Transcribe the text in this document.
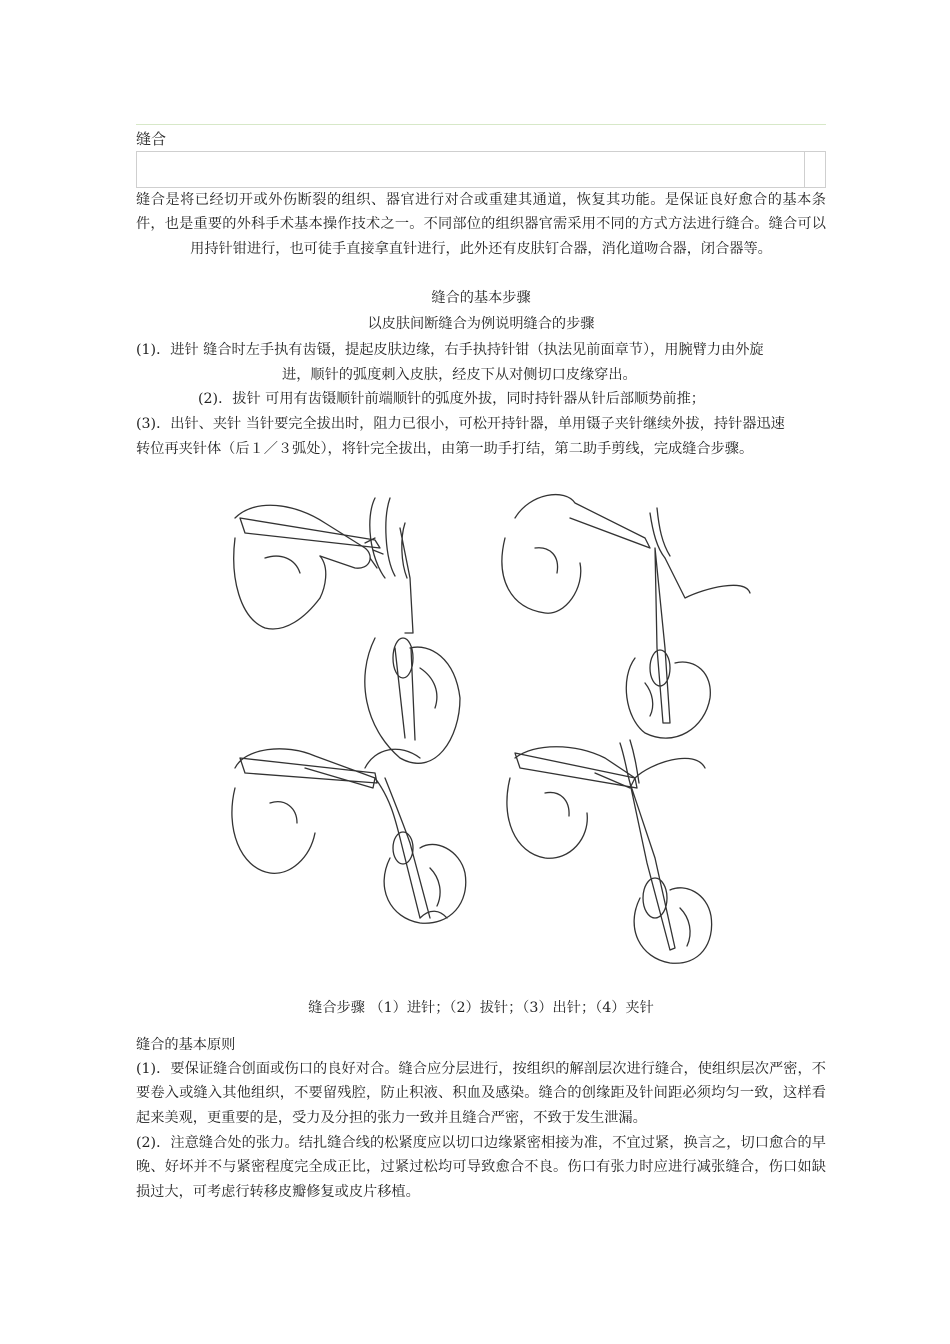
缝合
缝合是将已经切开或外伤断裂的组织、器官进行对合或重建其通道，恢复其功能。是保证良好愈合的基本条件，也是重要的外科手术基本操作技术之一。不同部位的组织器官需采用不同的方式方法进行缝合。缝合可以用持针钳进行，也可徒手直接拿直针进行，此外还有皮肤钉合器，消化道吻合器，闭合器等。
缝合的基本步骤
以皮肤间断缝合为例说明缝合的步骤
(1)．进针 缝合时左手执有齿镊，提起皮肤边缘，右手执持针钳（执法见前面章节），用腕臂力由外旋
进，顺针的弧度刺入皮肤，经皮下从对侧切口皮缘穿出。
(2)．拔针 可用有齿镊顺针前端顺针的弧度外拔，同时持针器从针后部顺势前推；
(3)．出针、夹针 当针要完全拔出时，阻力已很小，可松开持针器，单用镊子夹针继续外拔，持针器迅速
转位再夹针体（后１／３弧处），将针完全拔出，由第一助手打结，第二助手剪线，完成缝合步骤。
缝合步骤 （1）进针；（2）拔针；（3）出针；（4）夹针
缝合的基本原则
(1)．要保证缝合创面或伤口的良好对合。缝合应分层进行，按组织的解剖层次进行缝合，使组织层次严密，不要卷入或缝入其他组织，不要留残腔，防止积液、积血及感染。缝合的创缘距及针间距必须均匀一致，这样看起来美观，更重要的是，受力及分担的张力一致并且缝合严密，不致于发生泄漏。
(2)．注意缝合处的张力。结扎缝合线的松紧度应以切口边缘紧密相接为准，不宜过紧，换言之，切口愈合的早晚、好坏并不与紧密程度完全成正比，过紧过松均可导致愈合不良。伤口有张力时应进行减张缝合，伤口如缺损过大，可考虑行转移皮瓣修复或皮片移植。
